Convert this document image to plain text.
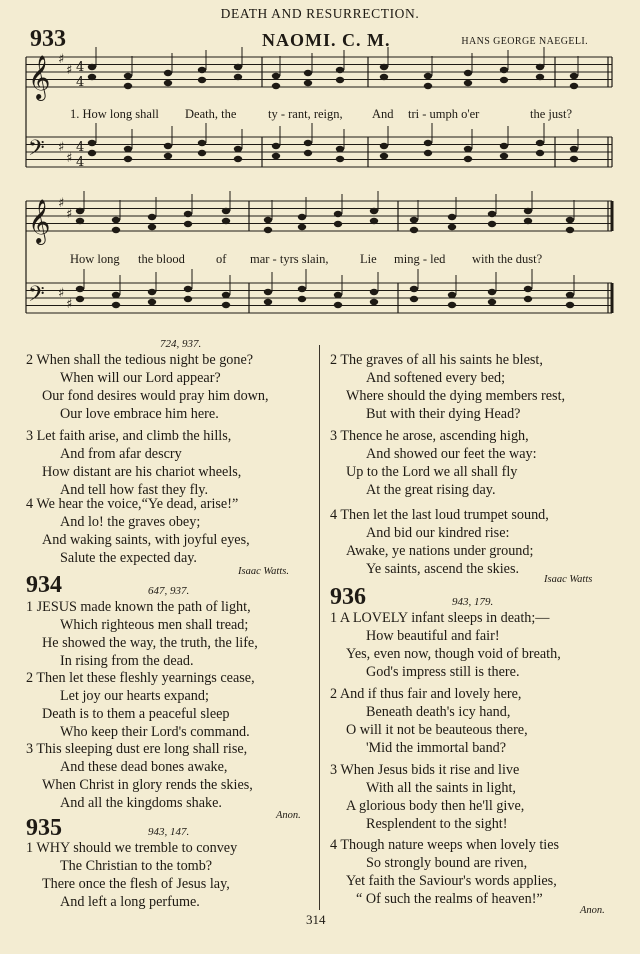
DEATH AND RESURRECTION.
933	NAOMI. C. M.	HANS GEORGE NAEGELI.
𝄞 ♯
♯ 4
4
𝄢 ♯
♯
4
4
𝄞 ♯
♯
𝄢 ♯
♯
1. How long shall Death, the	ty - rant, reign, And tri - umph o'er	the just?
How long the blood of mar - tyrs slain,	Lie ming - led with the dust?
724, 937.
2 When shall the tedious night be gone?
When will our Lord appear?
Our fond desires would pray him down,
Our love embrace him here.
3 Let faith arise, and climb the hills,
And from afar descry
How distant are his chariot wheels,
And tell how fast they fly.
4 We hear the voice,“Ye dead, arise!”
And lo! the graves obey;
And waking saints, with joyful eyes,
Salute the expected day.
Isaac Watts.
934	647, 937.
1 JESUS made known the path of light,
Which righteous men shall tread;
He showed the way, the truth, the life,
In rising from the dead.
2 Then let these fleshly yearnings cease,
Let joy our hearts expand;
Death is to them a peaceful sleep
Who keep their Lord's command.
3 This sleeping dust ere long shall rise,
And these dead bones awake,
When Christ in glory rends the skies,
And all the kingdoms shake.
Anon.
935	943, 147.
1 WHY should we tremble to convey
The Christian to the tomb?
There once the flesh of Jesus lay,
And left a long perfume.
2 The graves of all his saints he blest,
And softened every bed;
Where should the dying members rest,
But with their dying Head?
3 Thence he arose, ascending high,
And showed our feet the way:
Up to the Lord we all shall fly
At the great rising day.
4 Then let the last loud trumpet sound,
And bid our kindred rise:
Awake, ye nations under ground;
Ye saints, ascend the skies.
Isaac Watts
936	943, 179.
1 A LOVELY infant sleeps in death;—
How beautiful and fair!
Yes, even now, though void of breath,
God's impress still is there.
2 And if thus fair and lovely here,
Beneath death's icy hand,
O will it not be beauteous there,
'Mid the immortal band?
3 When Jesus bids it rise and live
With all the saints in light,
A glorious body then he'll give,
Resplendent to the sight!
4 Though nature weeps when lovely ties
So strongly bound are riven,
Yet faith the Saviour's words applies,
“ Of such the realms of heaven!”
Anon.
314
